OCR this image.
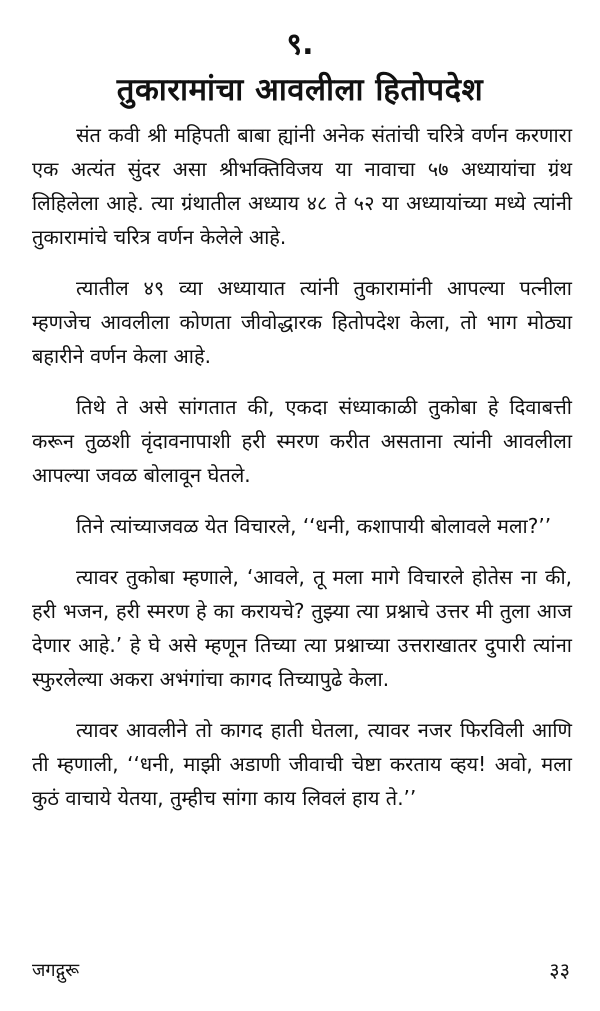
९.
तुकारामांचा आवलीला हितोपदेश

संत कवी श्री महिपती बाबा ह्यांनी अनेक संतांची चरित्रे वर्णन करणारा एक अत्यंत सुंदर असा श्रीभक्तिविजय या नावाचा ५७ अध्यायांचा ग्रंथ लिहिलेला आहे. त्या ग्रंथातील अध्याय ४८ ते ५२ या अध्यायांच्या मध्ये त्यांनी तुकारामांचे चरित्र वर्णन केलेले आहे.

त्यातील ४९ व्या अध्यायात त्यांनी तुकारामांनी आपल्या पत्नीला म्हणजेच आवलीला कोणता जीवोद्धारक हितोपदेश केला, तो भाग मोठ्या बहारीने वर्णन केला आहे.

तिथे ते असे सांगतात की, एकदा संध्याकाळी तुकोबा हे दिवाबत्ती करून तुळशी वृंदावनापाशी हरी स्मरण करीत असताना त्यांनी आवलीला आपल्या जवळ बोलावून घेतले.

तिने त्यांच्याजवळ येत विचारले, ‘‘धनी, कशापायी बोलावले मला?’’

त्यावर तुकोबा म्हणाले, ‘आवले, तू मला मागे विचारले होतेस ना की, हरी भजन, हरी स्मरण हे का करायचे? तुझ्या त्या प्रश्नाचे उत्तर मी तुला आज देणार आहे.’ हे घे असे म्हणून तिच्या त्या प्रश्नाच्या उत्तराखातर दुपारी त्यांना स्फुरलेल्या अकरा अभंगांचा कागद तिच्यापुढे केला.

त्यावर आवलीने तो कागद हाती घेतला, त्यावर नजर फिरविली आणि ती म्हणाली, ‘‘धनी, माझी अडाणी जीवाची चेष्टा करताय व्हय! अवो, मला कुठं वाचाये येतया, तुम्हीच सांगा काय लिवलं हाय ते.’’

जगद्गुरू	३३
